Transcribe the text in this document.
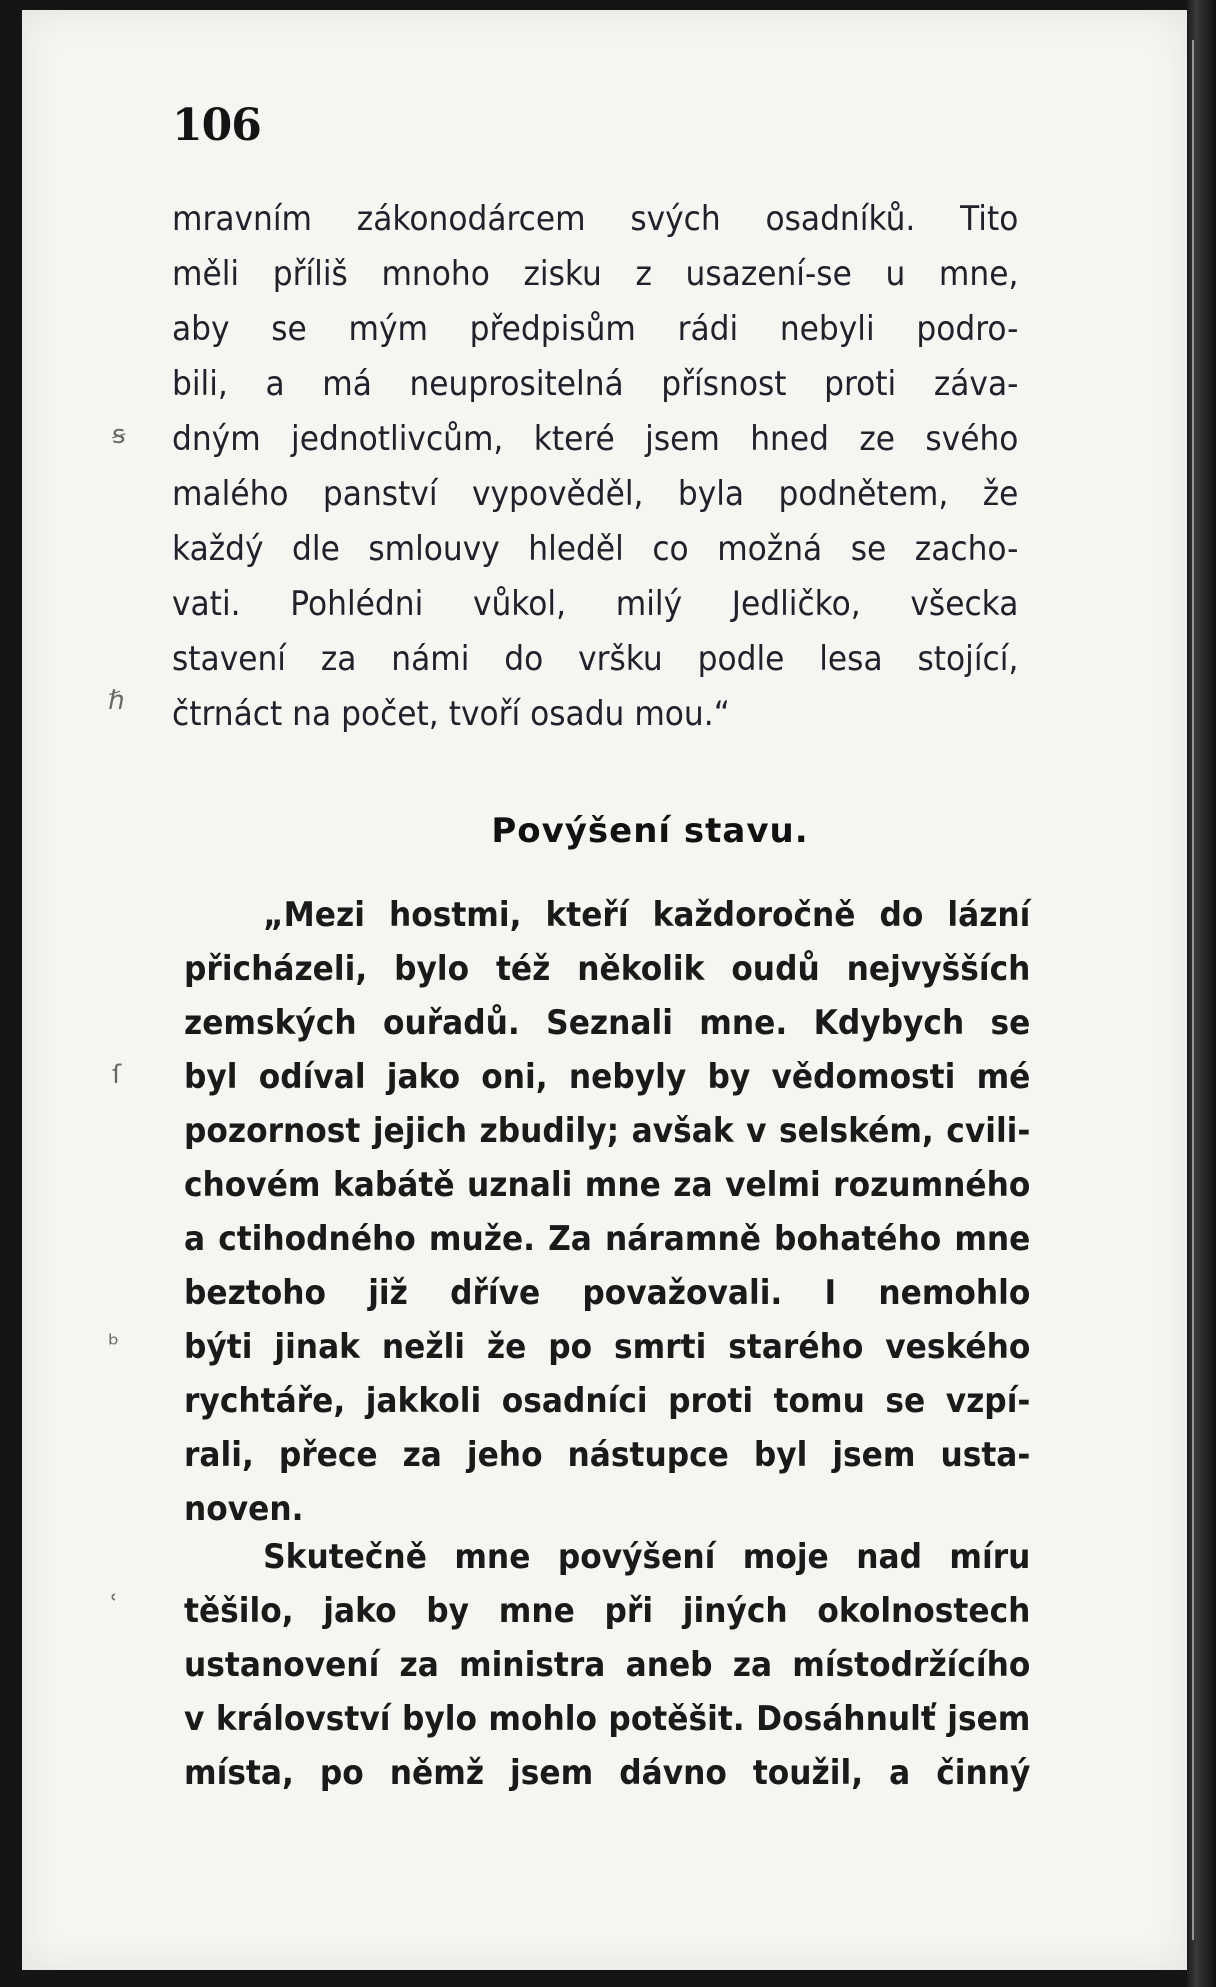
106
ꞩ
ℏ
ſ
ᵇ
ʿ
mravním zákonodárcem svých osadníků. Tito
měli příliš mnoho zisku z usazení-se u mne,
aby se mým předpisům rádi nebyli podro-
bili, a má neuprositelná přísnost proti záva-
dným jednotlivcům, které jsem hned ze svého
malého panství vypověděl, byla podnětem, že
každý dle smlouvy hleděl co možná se zacho-
vati. Pohlédni vůkol, milý Jedličko, všecka
stavení za námi do vršku podle lesa stojící,
čtrnáct na počet, tvoří osadu mou.“
Povýšení stavu.
„Mezi hostmi, kteří každoročně do lázní
přicházeli, bylo též několik oudů nejvyšších
zemských ouřadů. Seznali mne. Kdybych se
byl odíval jako oni, nebyly by vědomosti mé
pozornost jejich zbudily; avšak v selském, cvili-
chovém kabátě uznali mne za velmi rozumného
a ctihodného muže. Za náramně bohatého mne
beztoho již dříve považovali. I nemohlo
býti jinak nežli že po smrti starého veského
rychtáře, jakkoli osadníci proti tomu se vzpí-
rali, přece za jeho nástupce byl jsem usta-
noven.
Skutečně mne povýšení moje nad míru
těšilo, jako by mne při jiných okolnostech
ustanovení za ministra aneb za místodržícího
v království bylo mohlo potěšit. Dosáhnulť jsem
místa, po němž jsem dávno toužil, a činný
